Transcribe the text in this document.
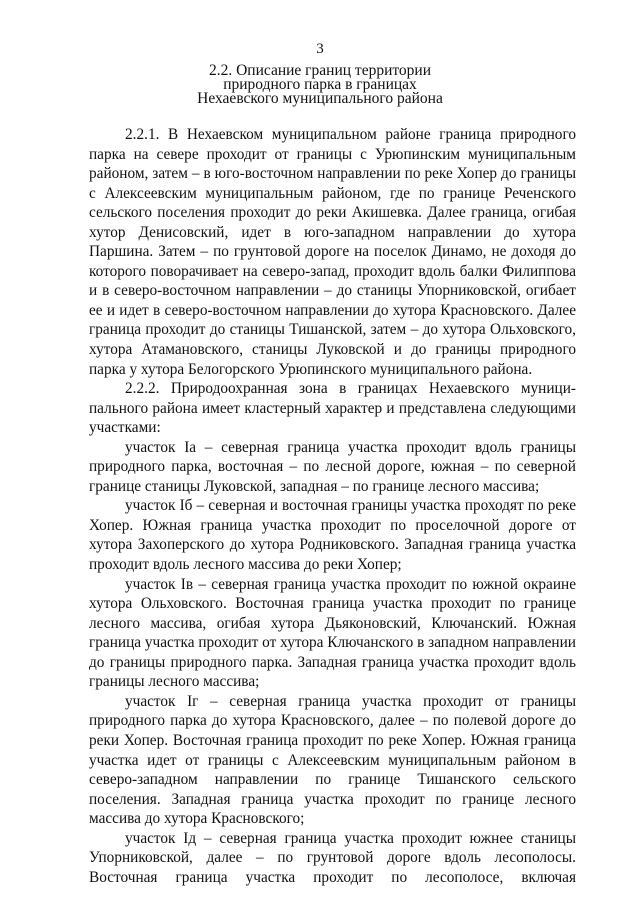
3
2.2. Описание границ территории
природного парка в границах
Нехаевского муниципального района

2.2.1. В Нехаевском муниципальном районе граница природного парка на севере проходит от границы с Урюпинским муниципальным районом, затем – в юго-восточном направлении по реке Хопер до границы с Алексеевским муниципальным районом, где по границе Реченского сельского поселения проходит до реки Акишевка. Далее граница, огибая хутор Денисовский, идет в юго-западном направлении до хутора Паршина. Затем – по грунтовой дороге на поселок Динамо, не доходя до которого поворачивает на северо-запад, проходит вдоль балки Филиппова и в северо-восточном направлении – до станицы Упорниковской, огибает ее и идет в северо-восточном направлении до хутора Красновского. Далее граница проходит до станицы Тишанской, затем – до хутора Ольховского, хутора Атамановского, станицы Луковской и до границы природного парка у хутора Белогорского Урюпинского муниципального района.

2.2.2. Природоохранная зона в границах Нехаевского муниципального района имеет кластерный характер и представлена следующими участками:

участок Iа – северная граница участка проходит вдоль границы природного парка, восточная – по лесной дороге, южная – по северной границе станицы Луковской, западная – по границе лесного массива;

участок Iб – северная и восточная границы участка проходят по реке Хопер. Южная граница участка проходит по проселочной дороге от хутора Захоперского до хутора Родниковского. Западная граница участка проходит вдоль лесного массива до реки Хопер;

участок Iв – северная граница участка проходит по южной окраине хутора Ольховского. Восточная граница участка проходит по границе лесного массива, огибая хутора Дьяконовский, Ключанский. Южная граница участка проходит от хутора Ключанского в западном направлении до границы природного парка. Западная граница участка проходит вдоль границы лесного массива;

участок Iг – северная граница участка проходит от границы природного парка до хутора Красновского, далее – по полевой дороге до реки Хопер. Восточная граница проходит по реке Хопер. Южная граница участка идет от границы с Алексеевским муниципальным районом в северо-западном направлении по границе Тишанского сельского поселения. Западная граница участка проходит по границе лесного массива до хутора Красновского;

участок Iд – северная граница участка проходит южнее станицы Упорниковской, далее – по грунтовой дороге вдоль лесополосы. Восточная граница участка проходит по лесополосе, включая
